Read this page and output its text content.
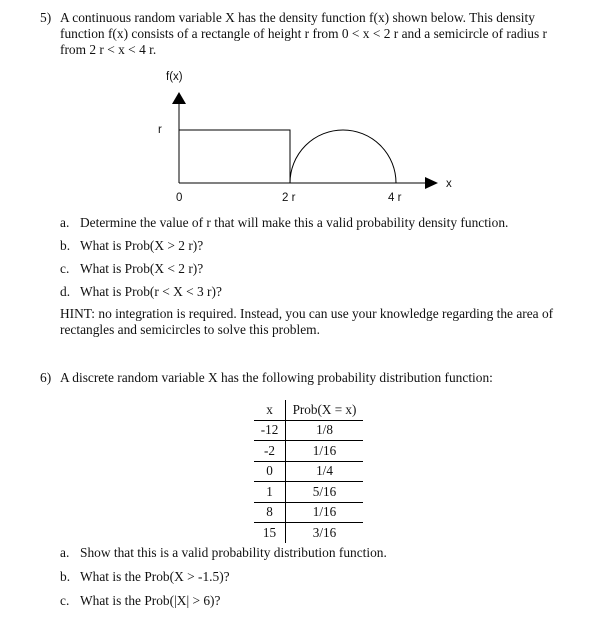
5) A continuous random variable X has the density function f(x) shown below. This density
function f(x) consists of a rectangle of height r from 0 < x < 2 r and a semicircle of radius r
from 2 r < x < 4 r.
f(x)
r
x
0	2 r	4 r
a. Determine the value of r that will make this a valid probability density function.
b. What is Prob(X > 2 r)?
c. What is Prob(X < 2 r)?
d. What is Prob(r < X < 3 r)?
HINT: no integration is required. Instead, you can use your knowledge regarding the area of
rectangles and semicircles to solve this problem.
6) A discrete random variable X has the following probability distribution function:
x	Prob(X = x)
-12	1/8
-2	1/16
0	1/4
1	5/16
8	1/16
15	3/16
a. Show that this is a valid probability distribution function.
b. What is the Prob(X > -1.5)?
c. What is the Prob(|X| > 6)?
